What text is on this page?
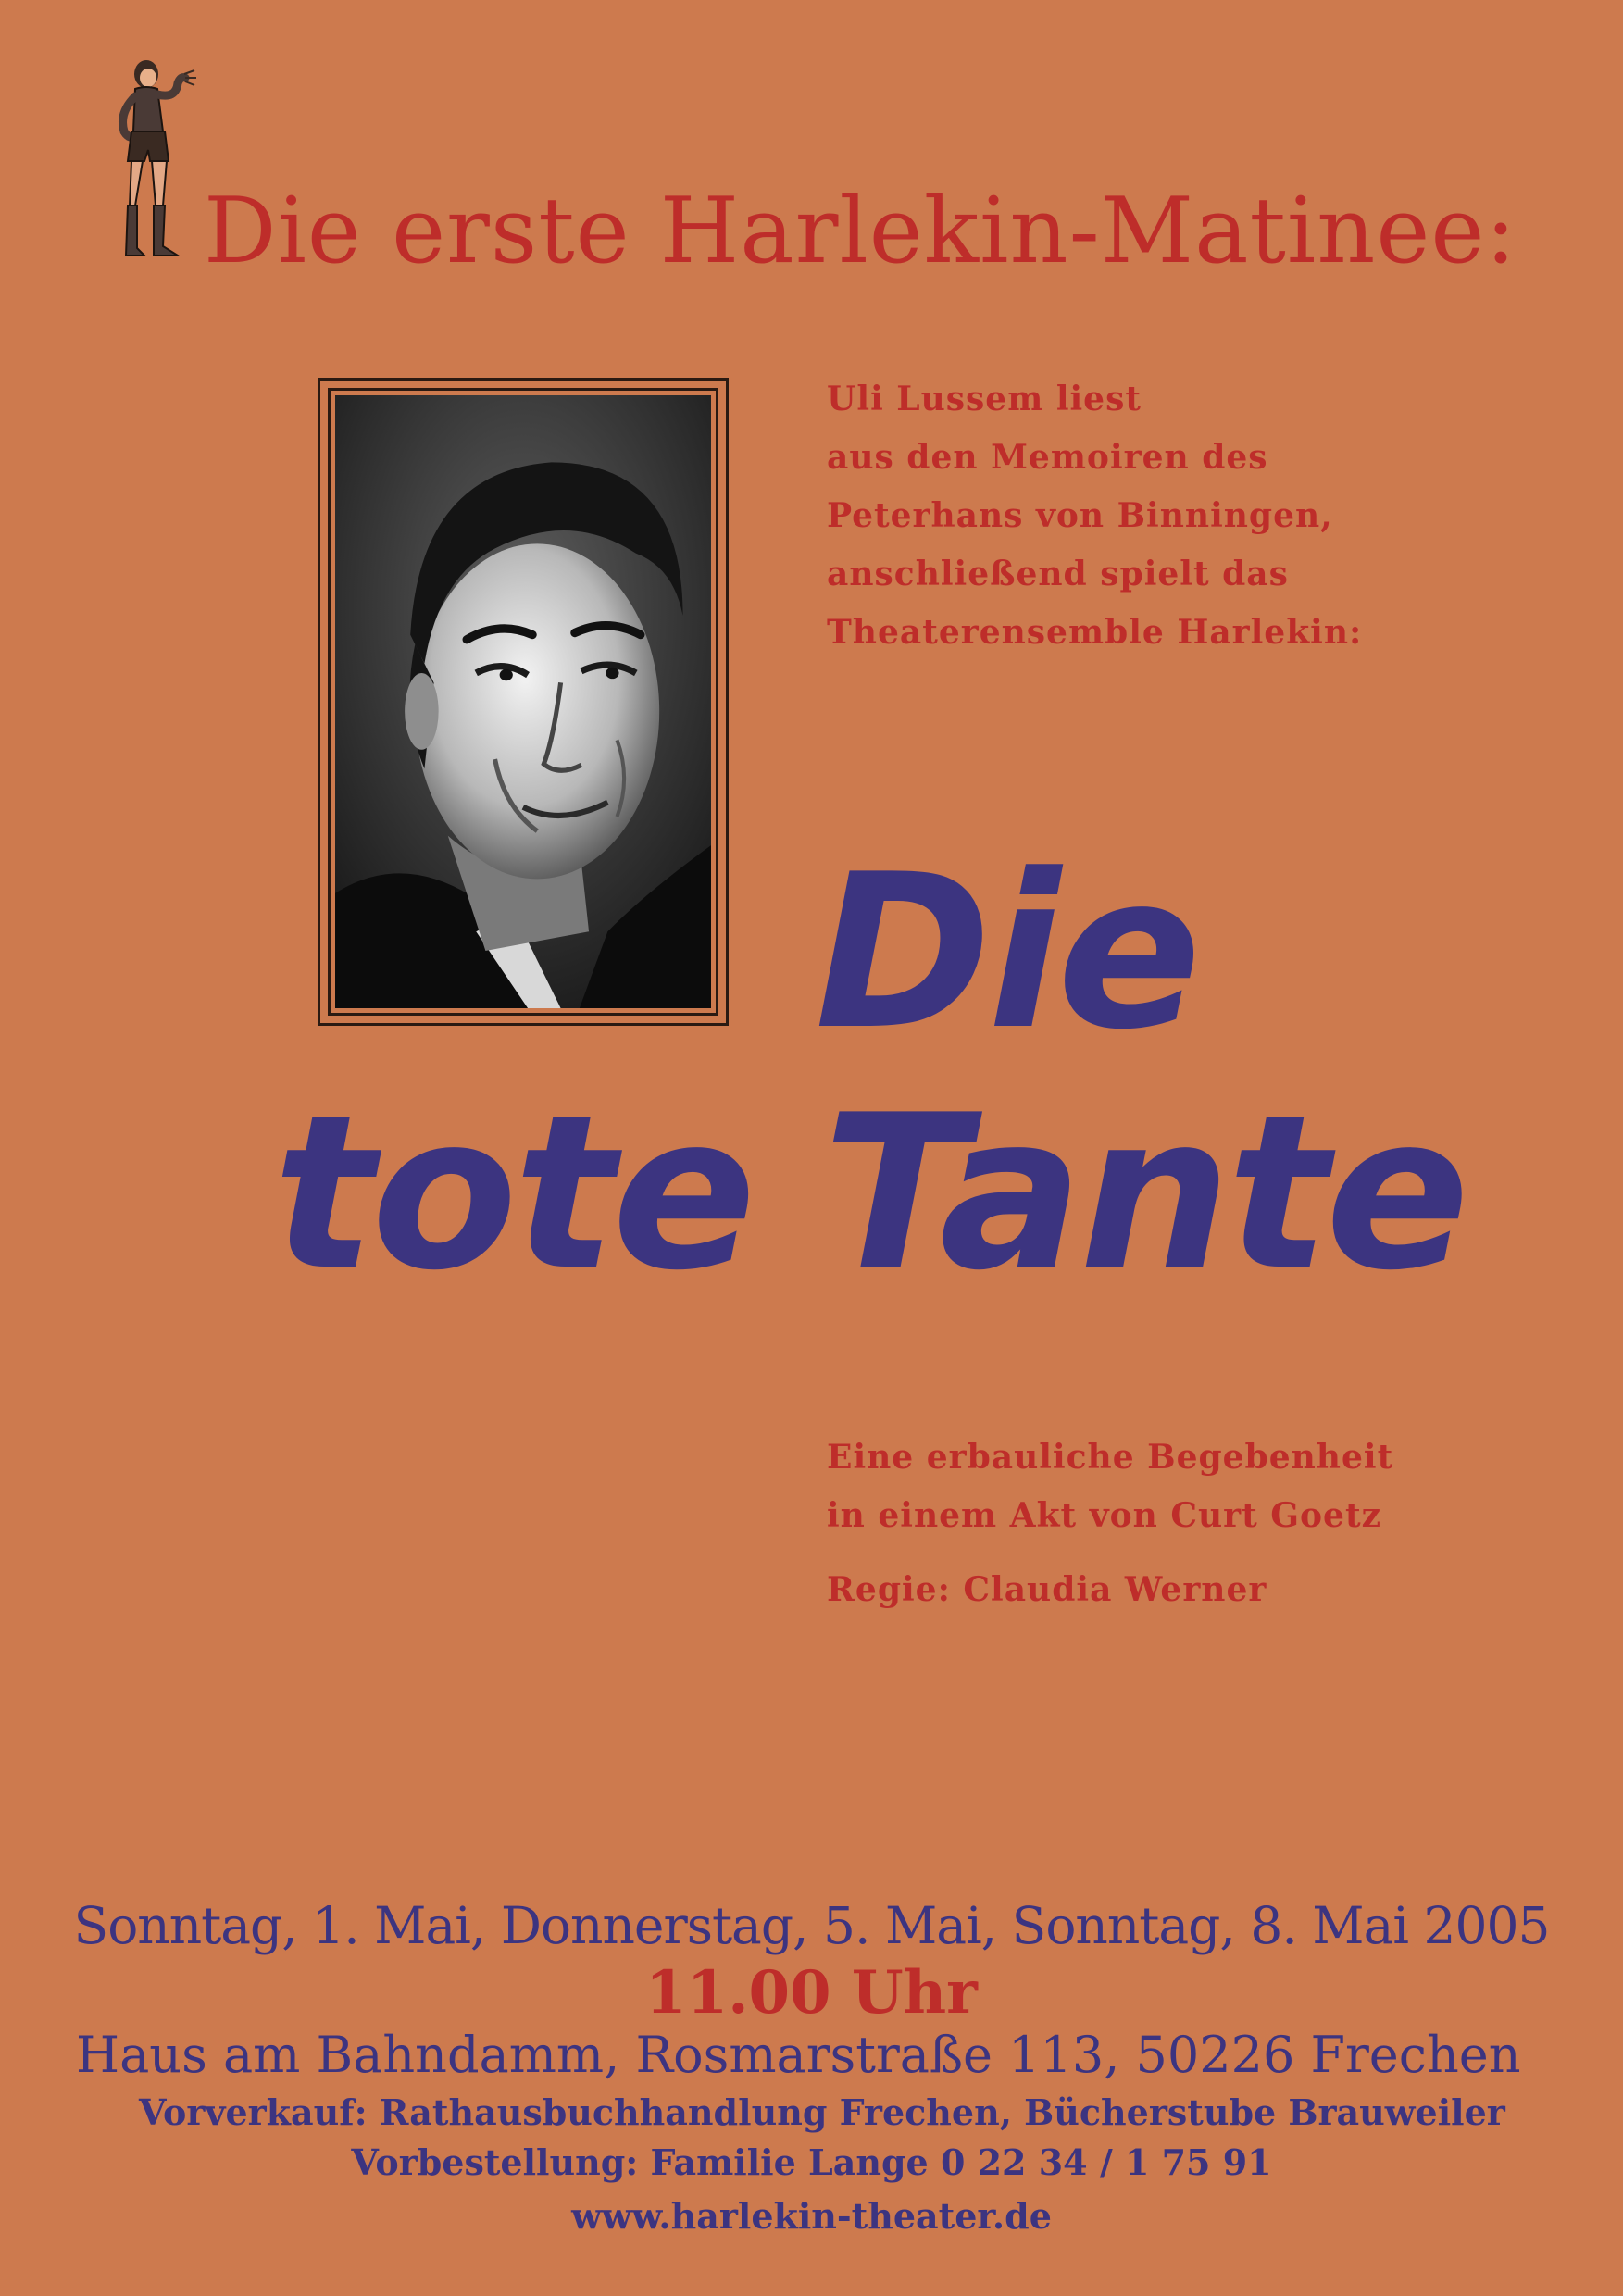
Die erste Harlekin-Matinee:
Uli Lussem liest
aus den Memoiren des
Peterhans von Binningen,
anschließend spielt das
Theaterensemble Harlekin:
Die
tote Tante
Eine erbauliche Begebenheit
in einem Akt von Curt Goetz
Regie: Claudia Werner
Sonntag, 1. Mai, Donnerstag, 5. Mai, Sonntag, 8. Mai 2005
11.00 Uhr
Haus am Bahndamm, Rosmarstraße 113, 50226 Frechen
Vorverkauf: Rathausbuchhandlung Frechen, Bücherstube Brauweiler
Vorbestellung: Familie Lange 0 22 34 / 1 75 91
www.harlekin-theater.de
